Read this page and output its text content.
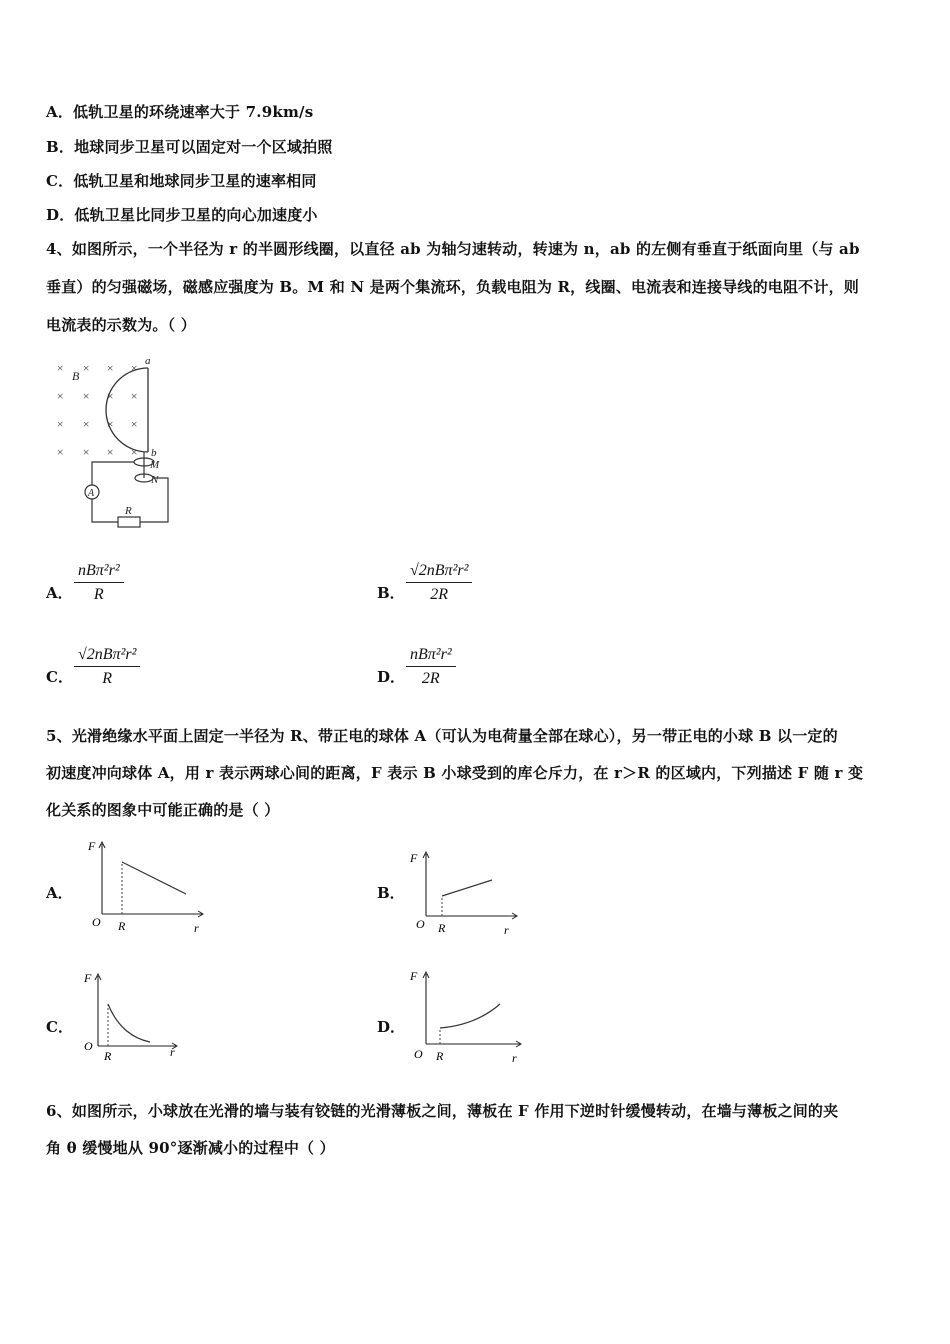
A．低轨卫星的环绕速率大于 7.9km/s
B．地球同步卫星可以固定对一个区域拍照
C．低轨卫星和地球同步卫星的速率相同
D．低轨卫星比同步卫星的向心加速度小
4、如图所示，一个半径为 r 的半圆形线圈，以直径 ab 为轴匀速转动，转速为 n，ab 的左侧有垂直于纸面向里（与 ab
垂直）的匀强磁场，磁感应强度为 B。M 和 N 是两个集流环，负载电阻为 R，线圈、电流表和连接导线的电阻不计，则
电流表的示数为。（ ）
× × × ×
× × × ×
× × × ×
× × × ×
B
a
b
M
N
A
R
A．
nBπ²r²
R	B．
√2nBπ²r²
2R
C．
√2nBπ²r²
R	D．
nBπ²r²
2R
5、光滑绝缘水平面上固定一半径为 R、带正电的球体 A（可认为电荷量全部在球心），另一带正电的小球 B 以一定的
初速度冲向球体 A，用 r 表示两球心间的距离，F 表示 B 小球受到的库仑斥力，在 r＞R 的区域内，下列描述 F 随 r 变
化关系的图象中可能正确的是（ ）
A．
F
O R	r
B．
F
O R	r
C．
F
O
R	r
D．
F
O R	r
6、如图所示，小球放在光滑的墙与装有铰链的光滑薄板之间，薄板在 F 作用下逆时针缓慢转动，在墙与薄板之间的夹
角 θ 缓慢地从 90°逐渐减小的过程中（ ）
